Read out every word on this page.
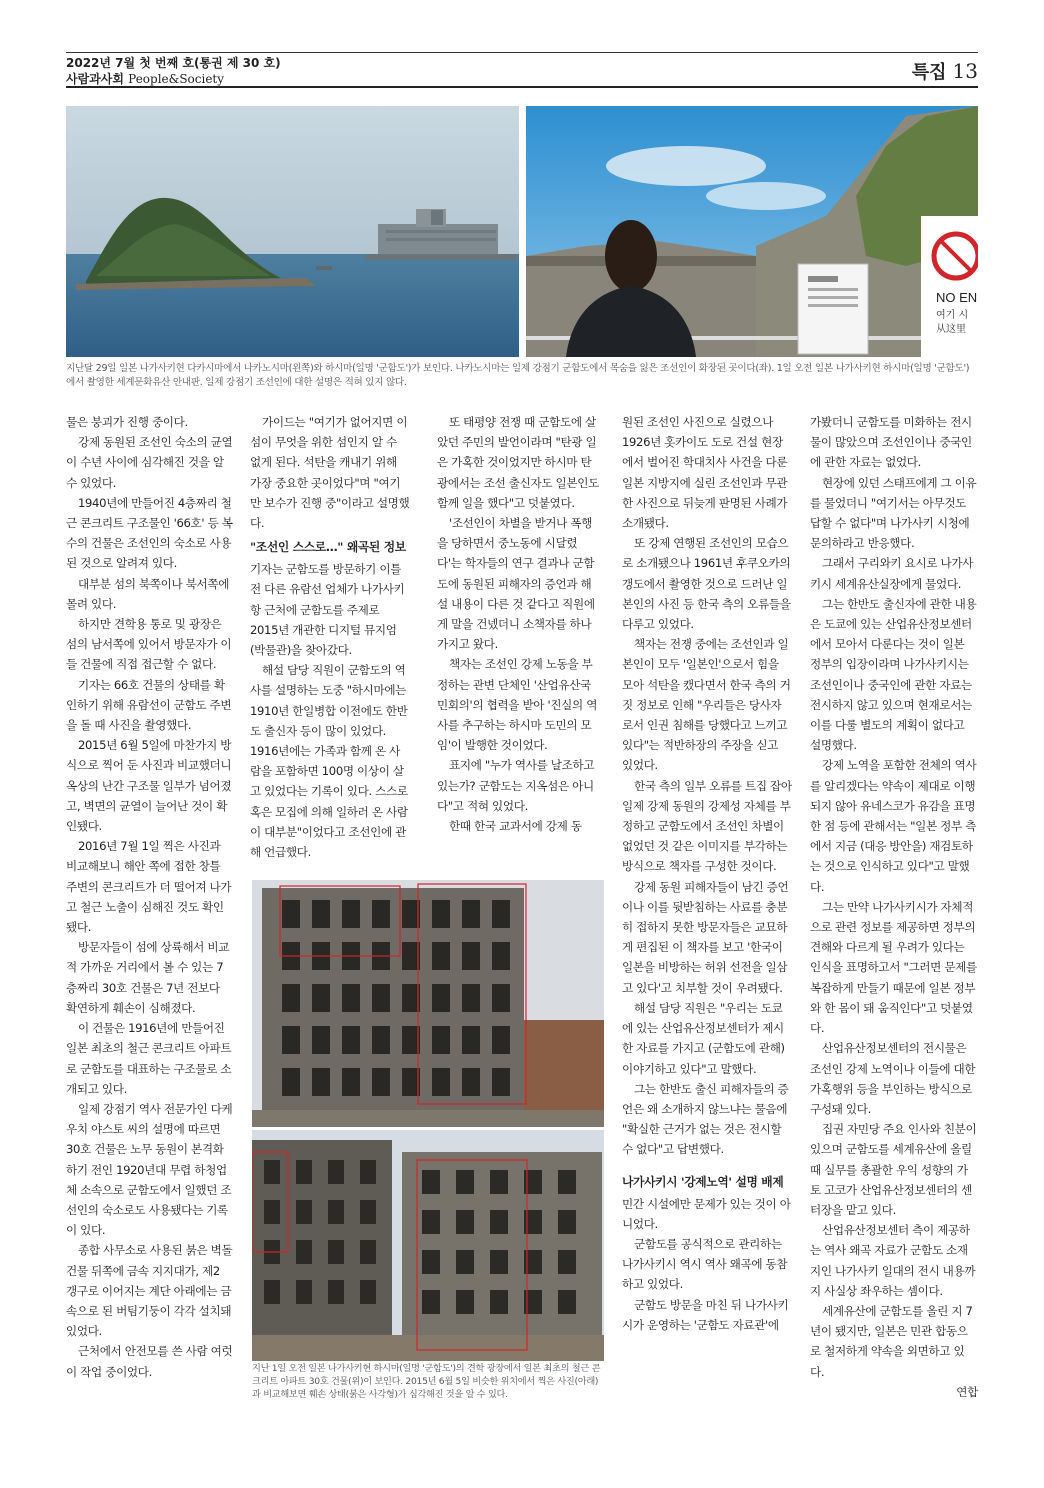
2022년 7월 첫 번째 호(통권 제 30 호)
사람과사회 People&Society	특집 13
NO EN
여기 시
从这里
지난달 29일 일본 나가사키현 다카시마에서 나카노시마(왼쪽)와 하시마(일명 '군함도')가 보인다. 나카노시마는 일제 강점기 군함도에서 목숨을 잃은 조선인이 화장된 곳이다(좌). 1일 오전 일본 나가사키현 하시마(일명 '군함도')에서 촬영한 세계문화유산 안내판. 일제 강점기 조선인에 대한 설명은 적혀 있지 않다.

물은 붕괴가 진행 중이다.

강제 동원된 조선인 숙소의 균열이 수년 사이에 심각해진 것을 알 수 있었다.

1940년에 만들어진 4층짜리 철근 콘크리트 구조물인 '66호' 등 복수의 건물은 조선인의 숙소로 사용된 것으로 알려져 있다.

대부분 섬의 북쪽이나 북서쪽에 몰려 있다.

하지만 견학용 통로 및 광장은 섬의 남서쪽에 있어서 방문자가 이들 건물에 직접 접근할 수 없다.

기자는 66호 건물의 상태를 확인하기 위해 유람선이 군함도 주변을 돌 때 사진을 촬영했다.

2015년 6월 5일에 마찬가지 방식으로 찍어 둔 사진과 비교했더니 옥상의 난간 구조물 일부가 넘어졌고, 벽면의 균열이 늘어난 것이 확인됐다.

2016년 7월 1일 찍은 사진과 비교해보니 해안 쪽에 접한 창틀 주변의 콘크리트가 더 떨어져 나가고 철근 노출이 심해진 것도 확인됐다.

방문자들이 섬에 상륙해서 비교적 가까운 거리에서 볼 수 있는 7층짜리 30호 건물은 7년 전보다 확연하게 훼손이 심해졌다.

이 건물은 1916년에 만들어진 일본 최초의 철근 콘크리트 아파트로 군함도를 대표하는 구조물로 소개되고 있다.

일제 강점기 역사 전문가인 다케우치 야스토 씨의 설명에 따르면 30호 건물은 노무 동원이 본격화하기 전인 1920년대 무렵 하청업체 소속으로 군함도에서 일했던 조선인의 숙소로도 사용됐다는 기록이 있다.

종합 사무소로 사용된 붉은 벽돌 건물 뒤쪽에 금속 지지대가, 제2 갱구로 이어지는 계단 아래에는 금속으로 된 버팀기둥이 각각 설치돼 있었다.

근처에서 안전모를 쓴 사람 여럿이 작업 중이었다.

가이드는 "여기가 없어지면 이 섬이 무엇을 위한 섬인지 알 수 없게 된다. 석탄을 캐내기 위해 가장 중요한 곳이었다"며 "여기만 보수가 진행 중"이라고 설명했다.

"조선인 스스로…" 왜곡된 정보

기자는 군함도를 방문하기 이틀 전 다른 유람선 업체가 나가사키항 근처에 군함도를 주제로 2015년 개관한 디지털 뮤지엄(박물관)을 찾아갔다.

해설 담당 직원이 군함도의 역사를 설명하는 도중 "하시마에는 1910년 한일병합 이전에도 한반도 출신자 등이 많이 있었다. 1916년에는 가족과 함께 온 사람을 포함하면 100명 이상이 살고 있었다는 기록이 있다. 스스로 혹은 모집에 의해 일하러 온 사람이 대부분"이었다고 조선인에 관해 언급했다.

또 태평양 전쟁 때 군함도에 살았던 주민의 발언이라며 "탄광 일은 가혹한 것이었지만 하시마 탄광에서는 조선 출신자도 일본인도 함께 일을 했다"고 덧붙였다.

'조선인이 차별을 받거나 폭행을 당하면서 중노동에 시달렸다'는 학자들의 연구 결과나 군함도에 동원된 피해자의 증언과 해설 내용이 다른 것 같다고 직원에게 말을 건넸더니 소책자를 하나 가지고 왔다.

책자는 조선인 강제 노동을 부정하는 관변 단체인 '산업유산국민회의'의 협력을 받아 '진실의 역사를 추구하는 하시마 도민의 모임'이 발행한 것이었다.

표지에 "누가 역사를 날조하고 있는가? 군함도는 지옥섬은 아니다"고 적혀 있었다.

한때 한국 교과서에 강제 동

지난 1일 오전 일본 나가사키현 하시마(일명 '군함도')의 견학 광장에서 일본 최초의 철근 콘크리트 아파트 30호 건물(위)이 보인다. 2015년 6월 5일 비슷한 위치에서 찍은 사진(아래)과 비교해보면 훼손 상태(붉은 사각형)가 심각해진 것을 알 수 있다.

원된 조선인 사진으로 실렸으나 1926년 홋카이도 도로 건설 현장에서 벌어진 학대치사 사건을 다룬 일본 지방지에 실린 조선인과 무관한 사진으로 뒤늦게 판명된 사례가 소개됐다.

또 강제 연행된 조선인의 모습으로 소개됐으나 1961년 후쿠오카의 갱도에서 촬영한 것으로 드러난 일본인의 사진 등 한국 측의 오류들을 다루고 있었다.

책자는 전쟁 중에는 조선인과 일본인이 모두 '일본인'으로서 힘을 모아 석탄을 캤다면서 한국 측의 거짓 정보로 인해 "우리들은 당사자로서 인권 침해를 당했다고 느끼고 있다"는 적반하장의 주장을 싣고 있었다.

한국 측의 일부 오류를 트집 잡아 일제 강제 동원의 강제성 자체를 부정하고 군함도에서 조선인 차별이 없었던 것 같은 이미지를 부각하는 방식으로 책자를 구성한 것이다.

강제 동원 피해자들이 남긴 증언이나 이를 뒷받침하는 사료를 충분히 접하지 못한 방문자들은 교묘하게 편집된 이 책자를 보고 '한국이 일본을 비방하는 허위 선전을 일삼고 있다'고 치부할 것이 우려됐다.

해설 담당 직원은 "우리는 도쿄에 있는 산업유산정보센터가 제시한 자료를 가지고 (군함도에 관해) 이야기하고 있다"고 말했다.

그는 한반도 출신 피해자들의 증언은 왜 소개하지 않느냐는 물음에 "확실한 근거가 없는 것은 전시할 수 없다"고 답변했다.

나가사키시 '강제노역' 설명 배제

민간 시설에만 문제가 있는 것이 아니었다.

군함도를 공식적으로 관리하는 나가사키시 역시 역사 왜곡에 동참하고 있었다.

군함도 방문을 마친 뒤 나가사키시가 운영하는 '군함도 자료관'에

가봤더니 군함도를 미화하는 전시물이 많았으며 조선인이나 중국인에 관한 자료는 없었다.

현장에 있던 스태프에게 그 이유를 물었더니 "여기서는 아무것도 답할 수 없다"며 나가사키 시청에 문의하라고 반응했다.

그래서 구리와키 요시로 나가사키시 세계유산실장에게 물었다.

그는 한반도 출신자에 관한 내용은 도쿄에 있는 산업유산정보센터에서 모아서 다룬다는 것이 일본 정부의 입장이라며 나가사키시는 조선인이나 중국인에 관한 자료는 전시하지 않고 있으며 현재로서는 이를 다룰 별도의 계획이 없다고 설명했다.

강제 노역을 포함한 전체의 역사를 알리겠다는 약속이 제대로 이행되지 않아 유네스코가 유감을 표명한 점 등에 관해서는 "일본 정부 측에서 지금 (대응 방안을) 재검토하는 것으로 인식하고 있다"고 말했다.

그는 만약 나가사키시가 자체적으로 관련 정보를 제공하면 정부의 견해와 다르게 될 우려가 있다는 인식을 표명하고서 "그러면 문제를 복잡하게 만들기 때문에 일본 정부와 한 몸이 돼 움직인다"고 덧붙였다.

산업유산정보센터의 전시물은 조선인 강제 노역이나 이들에 대한 가혹행위 등을 부인하는 방식으로 구성돼 있다.

집권 자민당 주요 인사와 친분이 있으며 군함도를 세계유산에 올릴 때 실무를 총괄한 우익 성향의 가토 고코가 산업유산정보센터의 센터장을 맡고 있다.

산업유산정보센터 측이 제공하는 역사 왜곡 자료가 군함도 소재지인 나가사키 일대의 전시 내용까지 사실상 좌우하는 셈이다.

세계유산에 군함도를 올린 지 7년이 됐지만, 일본은 민관 합동으로 철저하게 약속을 외면하고 있다.

연합
